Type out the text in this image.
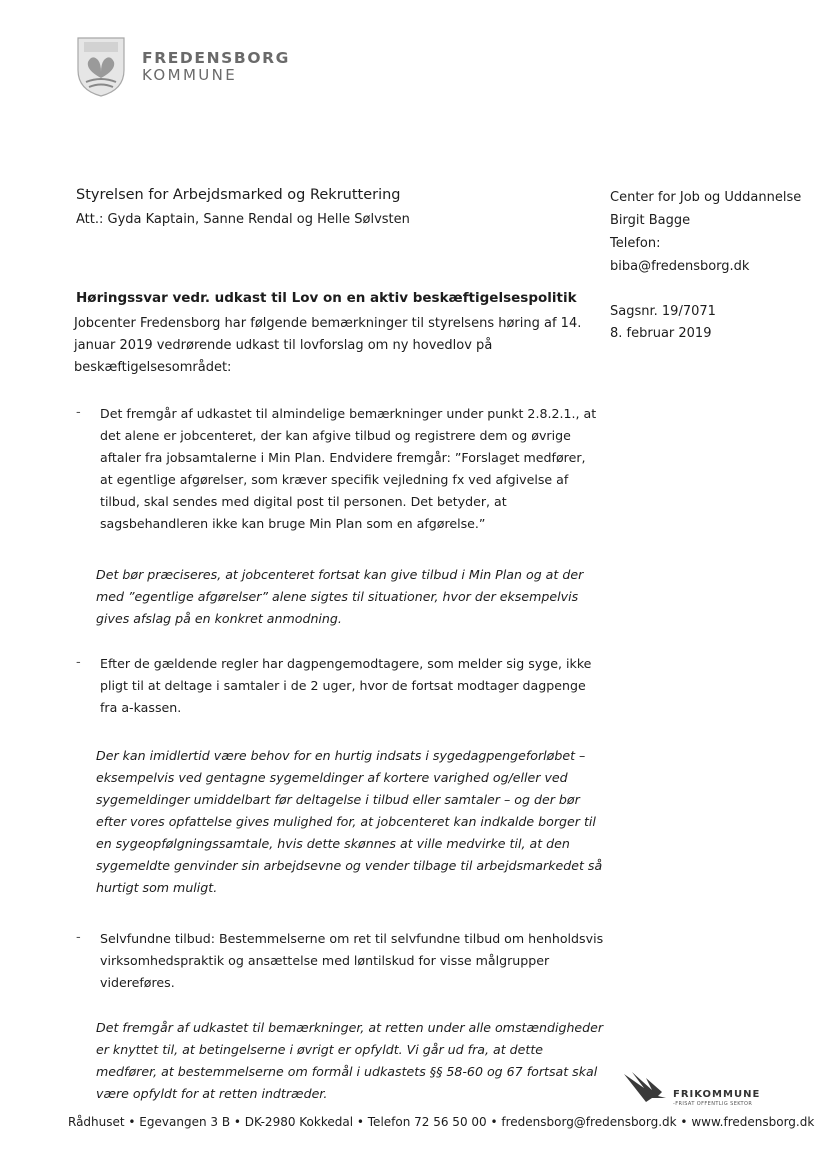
FREDENSBORG
KOMMUNE
Styrelsen for Arbejdsmarked og Rekruttering
Att.: Gyda Kaptain, Sanne Rendal og Helle Sølvsten
Center for Job og Uddannelse
Birgit Bagge
Telefon:
biba@fredensborg.dk
Sagsnr. 19/7071
8. februar 2019
Høringssvar vedr. udkast til Lov on en aktiv beskæftigelsespolitik
Jobcenter Fredensborg har følgende bemærkninger til styrelsens høring af 14.
januar 2019 vedrørende udkast til lovforslag om ny hovedlov på
beskæftigelsesområdet:
- Det fremgår af udkastet til almindelige bemærkninger under punkt 2.8.2.1., at
det alene er jobcenteret, der kan afgive tilbud og registrere dem og øvrige
aftaler fra jobsamtalerne i Min Plan. Endvidere fremgår: ”Forslaget medfører,
at egentlige afgørelser, som kræver specifik vejledning fx ved afgivelse af
tilbud, skal sendes med digital post til personen. Det betyder, at
sagsbehandleren ikke kan bruge Min Plan som en afgørelse.”
Det bør præciseres, at jobcenteret fortsat kan give tilbud i Min Plan og at der
med ”egentlige afgørelser” alene sigtes til situationer, hvor der eksempelvis
gives afslag på en konkret anmodning.
- Efter de gældende regler har dagpengemodtagere, som melder sig syge, ikke
pligt til at deltage i samtaler i de 2 uger, hvor de fortsat modtager dagpenge
fra a-kassen.
Der kan imidlertid være behov for en hurtig indsats i sygedagpengeforløbet –
eksempelvis ved gentagne sygemeldinger af kortere varighed og/eller ved
sygemeldinger umiddelbart før deltagelse i tilbud eller samtaler – og der bør
efter vores opfattelse gives mulighed for, at jobcenteret kan indkalde borger til
en sygeopfølgningssamtale, hvis dette skønnes at ville medvirke til, at den
sygemeldte genvinder sin arbejdsevne og vender tilbage til arbejdsmarkedet så
hurtigt som muligt.
- Selvfundne tilbud: Bestemmelserne om ret til selvfundne tilbud om henholdsvis
virksomhedspraktik og ansættelse med løntilskud for visse målgrupper
videreføres.
Det fremgår af udkastet til bemærkninger, at retten under alle omstændigheder
er knyttet til, at betingelserne i øvrigt er opfyldt. Vi går ud fra, at dette
medfører, at bestemmelserne om formål i udkastets §§ 58-60 og 67 fortsat skal
være opfyldt for at retten indtræder.	FRIKOMMUNE
-FRISAT OFFENTLIG SEKTOR
Rådhuset • Egevangen 3 B • DK-2980 Kokkedal • Telefon 72 56 50 00 • fredensborg@fredensborg.dk • www.fredensborg.dk
